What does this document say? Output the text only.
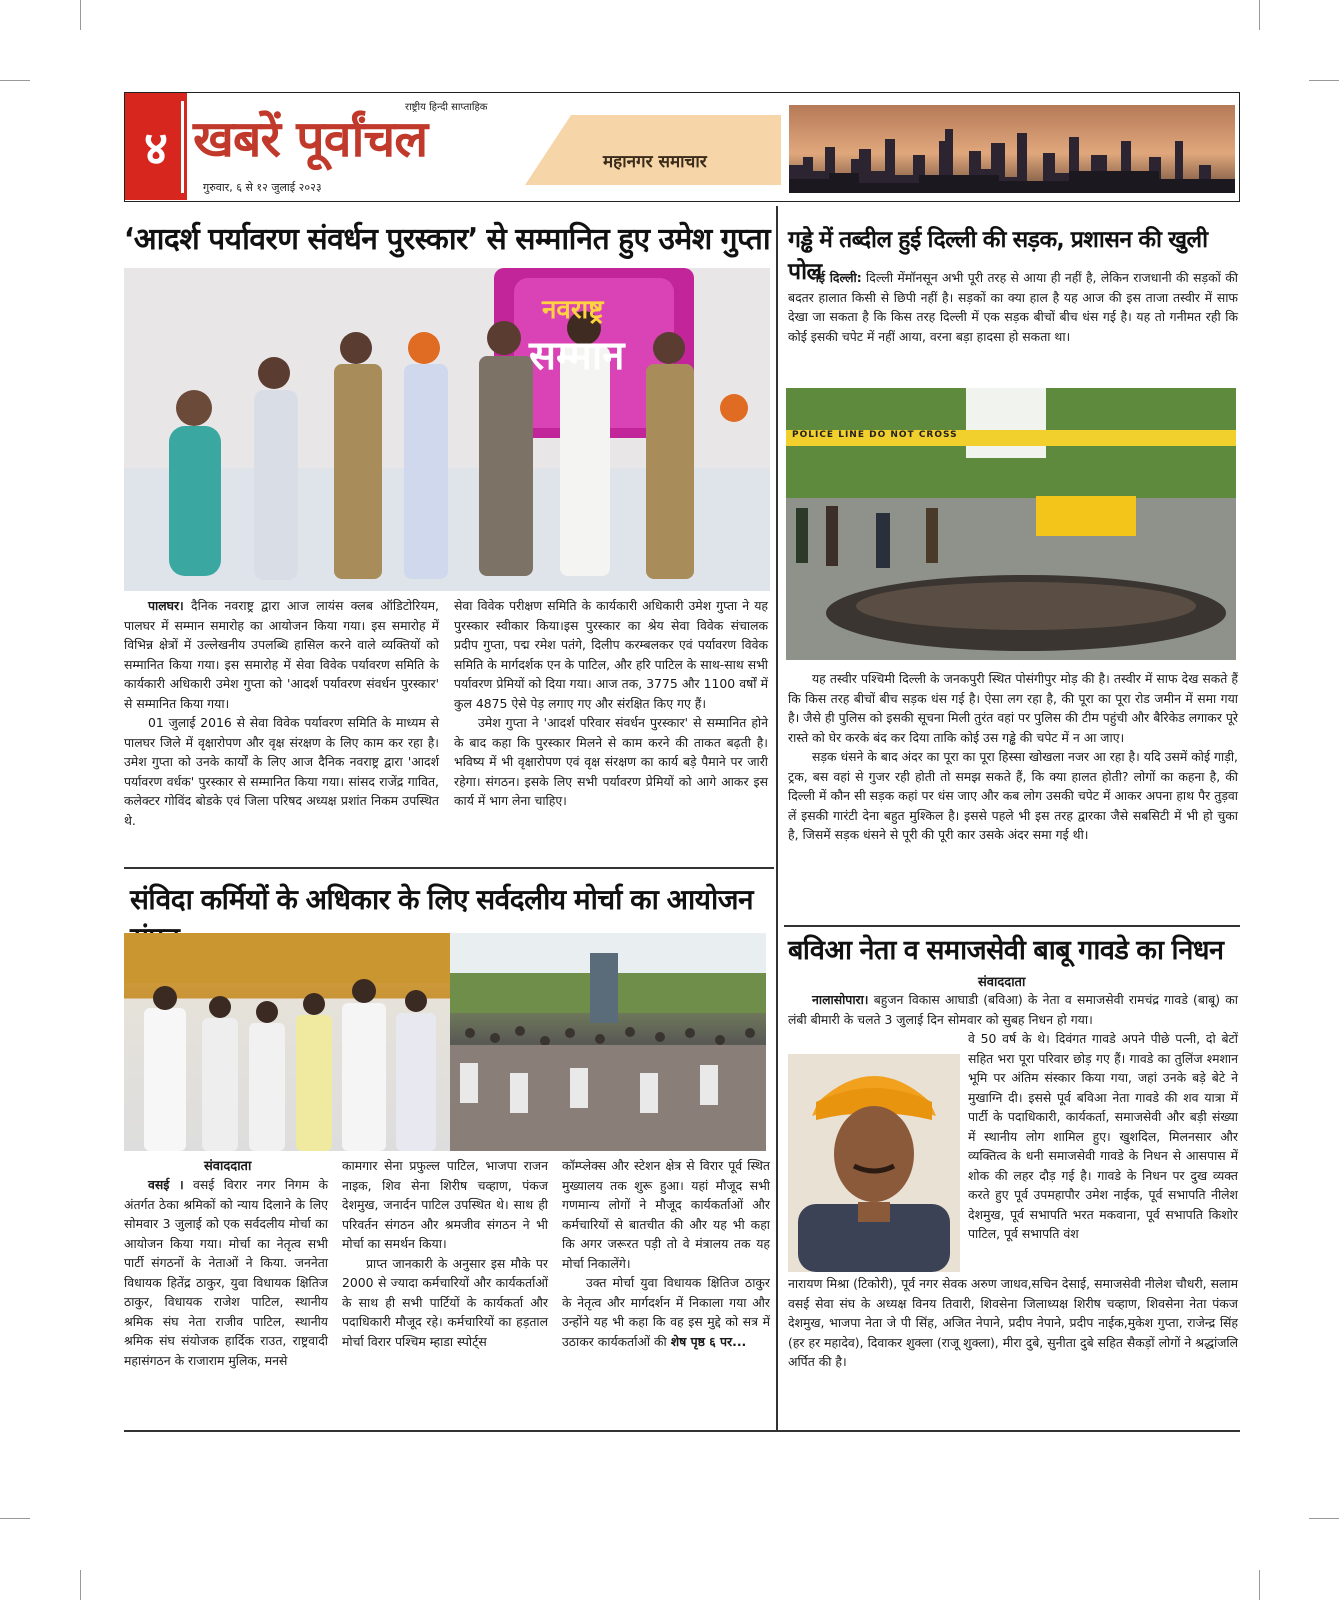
४ खबरें पूर्वांचल
राष्ट्रीय हिन्दी साप्ताहिक
गुरुवार, ६ से १२ जुलाई २०२३
महानगर समाचार
‘आदर्श पर्यावरण संवर्धन पुरस्कार’ से सम्मानित हुए उमेश गुप्ता
नवराष्ट्र
सम्मान

पालघर। दैनिक नवराष्ट्र द्वारा आज लायंस क्लब ऑडिटोरियम, पालघर में सम्मान समारोह का आयोजन किया गया। इस समारोह में विभिन्न क्षेत्रों में उल्लेखनीय उपलब्धि हासिल करने वाले व्यक्तियों को सम्मानित किया गया। इस समारोह में सेवा विवेक पर्यावरण समिति के कार्यकारी अधिकारी उमेश गुप्ता को 'आदर्श पर्यावरण संवर्धन पुरस्कार' से सम्मानित किया गया।

01 जुलाई 2016 से सेवा विवेक पर्यावरण समिति के माध्यम से पालघर जिले में वृक्षारोपण और वृक्ष संरक्षण के लिए काम कर रहा है। उमेश गुप्ता को उनके कार्यों के लिए आज दैनिक नवराष्ट्र द्वारा 'आदर्श पर्यावरण वर्धक' पुरस्कार से सम्मानित किया गया। सांसद राजेंद्र गावित, कलेक्टर गोविंद बोडके एवं जिला परिषद अध्यक्ष प्रशांत निकम उपस्थित थे.

सेवा विवेक परीक्षण समिति के कार्यकारी अधिकारी उमेश गुप्ता ने यह पुरस्कार स्वीकार किया।इस पुरस्कार का श्रेय सेवा विवेक संचालक प्रदीप गुप्ता, पद्म रमेश पतंगे, दिलीप करम्बलकर एवं पर्यावरण विवेक समिति के मार्गदर्शक एन के पाटिल, और हरि पाटिल के साथ-साथ सभी पर्यावरण प्रेमियों को दिया गया। आज तक, 3775 और 1100 वर्षों में कुल 4875 ऐसे पेड़ लगाए गए और संरक्षित किए गए हैं।

उमेश गुप्ता ने 'आदर्श परिवार संवर्धन पुरस्कार' से सम्मानित होने के बाद कहा कि पुरस्कार मिलने से काम करने की ताकत बढ़ती है। भविष्य में भी वृक्षारोपण एवं वृक्ष संरक्षण का कार्य बड़े पैमाने पर जारी रहेगा। संगठन। इसके लिए सभी पर्यावरण प्रेमियों को आगे आकर इस कार्य में भाग लेना चाहिए।

गड्ढे में तब्दील हुई दिल्ली की सड़क, प्रशासन की खुली पोल

नई दिल्ली: दिल्ली मेंमॉनसून अभी पूरी तरह से आया ही नहीं है, लेकिन राजधानी की सड़कों की बदतर हालात किसी से छिपी नहीं है। सड़कों का क्या हाल है यह आज की इस ताजा तस्वीर में साफ देखा जा सकता है कि किस तरह दिल्ली में एक सड़क बीचों बीच धंस गई है। यह तो गनीमत रही कि कोई इसकी चपेट में नहीं आया, वरना बड़ा हादसा हो सकता था।

POLICE LINE DO NOT CROSS

यह तस्वीर पश्चिमी दिल्ली के जनकपुरी स्थित पोसंगीपुर मोड़ की है। तस्वीर में साफ देख सकते हैं कि किस तरह बीचों बीच सड़क धंस गई है। ऐसा लग रहा है, की पूरा का पूरा रोड जमीन में समा गया है। जैसे ही पुलिस को इसकी सूचना मिली तुरंत वहां पर पुलिस की टीम पहुंची और बैरिकेड लगाकर पूरे रास्ते को घेर करके बंद कर दिया ताकि कोई उस गड्ढे की चपेट में न आ जाए।

सड़क धंसने के बाद अंदर का पूरा का पूरा हिस्सा खोखला नजर आ रहा है। यदि उसमें कोई गाड़ी, ट्रक, बस वहां से गुजर रही होती तो समझ सकते हैं, कि क्या हालत होती? लोगों का कहना है, की दिल्ली में कौन सी सड़क कहां पर धंस जाए और कब लोग उसकी चपेट में आकर अपना हाथ पैर तुड़वा लें इसकी गारंटी देना बहुत मुश्किल है। इससे पहले भी इस तरह द्वारका जैसे सबसिटी में भी हो चुका है, जिसमें सड़क धंसने से पूरी की पूरी कार उसके अंदर समा गई थी।

संविदा कर्मियों के अधिकार के लिए सर्वदलीय मोर्चा का आयोजन
संवाददाता

वसई । वसई विरार नगर निगम के अंतर्गत ठेका श्रमिकों को न्याय दिलाने के लिए सोमवार 3 जुलाई को एक सर्वदलीय मोर्चा का आयोजन किया गया। मोर्चा का नेतृत्व सभी पार्टी संगठनों के नेताओं ने किया. जननेता विधायक हितेंद्र ठाकुर, युवा विधायक क्षितिज ठाकुर, विधायक राजेश पाटिल, स्थानीय श्रमिक संघ नेता राजीव पाटिल, स्थानीय श्रमिक संघ संयोजक हार्दिक राउत, राष्ट्रवादी महासंगठन के राजाराम मुलिक, मनसे

कामगार सेना प्रफुल्ल पाटिल, भाजपा राजन नाइक, शिव सेना शिरीष चव्हाण, पंकज देशमुख, जनार्दन पाटिल उपस्थित थे। साथ ही परिवर्तन संगठन और श्रमजीव संगठन ने भी मोर्चा का समर्थन किया।

प्राप्त जानकारी के अनुसार इस मौके पर 2000 से ज्यादा कर्मचारियों और कार्यकर्ताओं के साथ ही सभी पार्टियों के कार्यकर्ता और पदाधिकारी मौजूद रहे। कर्मचारियों का हड़ताल मोर्चा विरार पश्चिम म्हाडा स्पोर्ट्स

कॉम्प्लेक्स और स्टेशन क्षेत्र से विरार पूर्व स्थित मुख्यालय तक शुरू हुआ। यहां मौजूद सभी गणमान्य लोगों ने मौजूद कार्यकर्ताओं और कर्मचारियों से बातचीत की और यह भी कहा कि अगर जरूरत पड़ी तो वे मंत्रालय तक यह मोर्चा निकालेंगे।

उक्त मोर्चा युवा विधायक क्षितिज ठाकुर के नेतृत्व और मार्गदर्शन में निकाला गया और उन्होंने यह भी कहा कि वह इस मुद्दे को सत्र में उठाकर कार्यकर्ताओं की शेष पृष्ठ ६ पर...

बविआ नेता व समाजसेवी बाबू गावडे का निधन
संवाददाता

नालासोपारा। बहुजन विकास आघाडी (बविआ) के नेता व समाजसेवी रामचंद्र गावडे (बाबू) का लंबी बीमारी के चलते 3 जुलाई दिन सोमवार को सुबह निधन हो गया।

वे 50 वर्ष के थे। दिवंगत गावडे अपने पीछे पत्नी, दो बेटों सहित भरा पूरा परिवार छोड़ गए हैं। गावडे का तुलिंज श्मशान भूमि पर अंतिम संस्कार किया गया, जहां उनके बड़े बेटे ने मुखाग्नि दी। इससे पूर्व बविआ नेता गावडे की शव यात्रा में पार्टी के पदाधिकारी, कार्यकर्ता, समाजसेवी और बड़ी संख्या में स्थानीय लोग शामिल हुए। खुशदिल, मिलनसार और व्यक्तित्व के धनी समाजसेवी गावडे के निधन से आसपास में शोक की लहर दौड़ गई है। गावडे के निधन पर दुख व्यक्त करते हुए पूर्व उपमहापौर उमेश नाईक, पूर्व सभापति नीलेश देशमुख, पूर्व सभापति भरत मकवाना, पूर्व सभापति किशोर पाटिल, पूर्व सभापति वंश

नारायण मिश्रा (टिकोरी), पूर्व नगर सेवक अरुण जाधव,सचिन देसाई, समाजसेवी नीलेश चौधरी, सलाम वसई सेवा संघ के अध्यक्ष विनय तिवारी, शिवसेना जिलाध्यक्ष शिरीष चव्हाण, शिवसेना नेता पंकज देशमुख, भाजपा नेता जे पी सिंह, अजित नेपाने, प्रदीप नेपाने, प्रदीप नाईक,मुकेश गुप्ता, राजेन्द्र सिंह (हर हर महादेव), दिवाकर शुक्ला (राजू शुक्ला), मीरा दुबे, सुनीता दुबे सहित सैकड़ों लोगों ने श्रद्धांजलि अर्पित की है।
